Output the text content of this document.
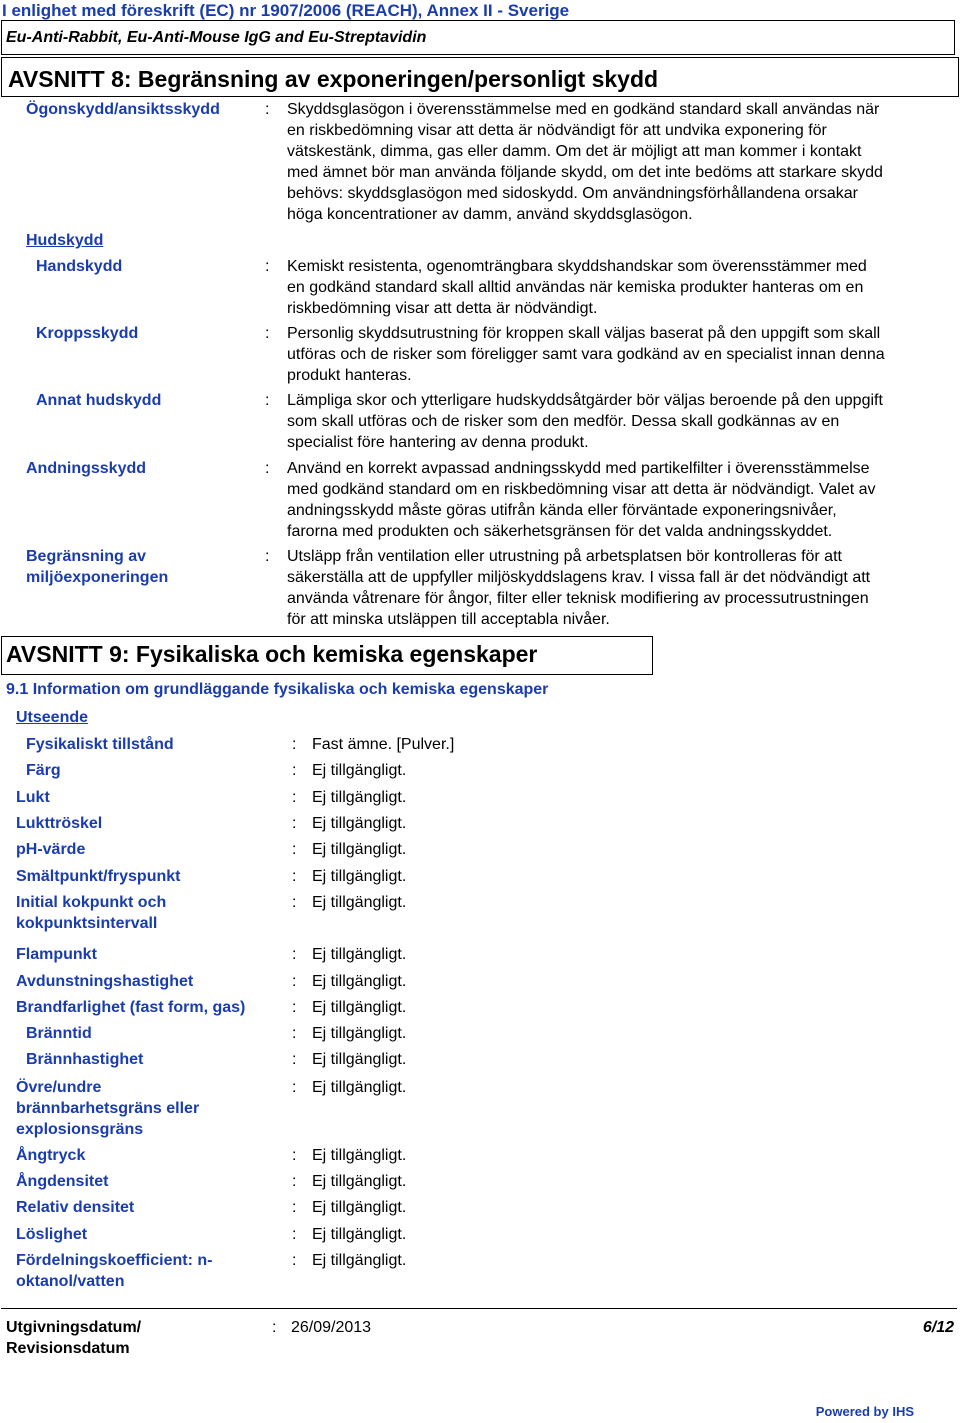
I enlighet med föreskrift (EC) nr 1907/2006 (REACH), Annex II - Sverige
Eu-Anti-Rabbit, Eu-Anti-Mouse IgG and Eu-Streptavidin
AVSNITT 8: Begränsning av exponeringen/personligt skydd
Ögonskydd/ansiktsskydd	: Skyddsglasögon i överensstämmelse med en godkänd standard skall användas när
en riskbedömning visar att detta är nödvändigt för att undvika exponering för
vätskestänk, dimma, gas eller damm. Om det är möjligt att man kommer i kontakt
med ämnet bör man använda följande skydd, om det inte bedöms att starkare skydd
behövs: skyddsglasögon med sidoskydd. Om användningsförhållandena orsakar
höga koncentrationer av damm, använd skyddsglasögon.
Hudskydd
Handskydd	: Kemiskt resistenta, ogenomträngbara skyddshandskar som överensstämmer med
en godkänd standard skall alltid användas när kemiska produkter hanteras om en
riskbedömning visar att detta är nödvändigt.
Kroppsskydd	: Personlig skyddsutrustning för kroppen skall väljas baserat på den uppgift som skall
utföras och de risker som föreligger samt vara godkänd av en specialist innan denna
produkt hanteras.
Annat hudskydd	: Lämpliga skor och ytterligare hudskyddsåtgärder bör väljas beroende på den uppgift
som skall utföras och de risker som den medför. Dessa skall godkännas av en
specialist före hantering av denna produkt.
Andningsskydd	: Använd en korrekt avpassad andningsskydd med partikelfilter i överensstämmelse
med godkänd standard om en riskbedömning visar att detta är nödvändigt. Valet av
andningsskydd måste göras utifrån kända eller förväntade exponeringsnivåer,
farorna med produkten och säkerhetsgränsen för det valda andningsskyddet.
Begränsning av
miljöexponeringen
: Utsläpp från ventilation eller utrustning på arbetsplatsen bör kontrolleras för att
säkerställa att de uppfyller miljöskyddslagens krav. I vissa fall är det nödvändigt att
använda våtrenare för ångor, filter eller teknisk modifiering av processutrustningen
för att minska utsläppen till acceptabla nivåer.
AVSNITT 9: Fysikaliska och kemiska egenskaper
9.1 Information om grundläggande fysikaliska och kemiska egenskaper
Utseende
Fysikaliskt tillstånd	: Fast ämne. [Pulver.]
Färg	: Ej tillgängligt.
Lukt	: Ej tillgängligt.
Lukttröskel	: Ej tillgängligt.
pH-värde	: Ej tillgängligt.
Smältpunkt/fryspunkt	: Ej tillgängligt.
Initial kokpunkt och kokpunktsintervall
: Ej tillgängligt.
Flampunkt	: Ej tillgängligt.
Avdunstningshastighet	: Ej tillgängligt.
Brandfarlighet (fast form, gas)	: Ej tillgängligt.
Bränntid	: Ej tillgängligt.
Brännhastighet	: Ej tillgängligt.
Övre/undre brännbarhetsgräns eller explosionsgräns
: Ej tillgängligt.
Ångtryck	: Ej tillgängligt.
Ångdensitet	: Ej tillgängligt.
Relativ densitet	: Ej tillgängligt.
Löslighet	: Ej tillgängligt.
Fördelningskoefficient: n-oktanol/vatten
: Ej tillgängligt.
Utgivningsdatum/ Revisionsdatum
: 26/09/2013	6/12
Powered by IHS
